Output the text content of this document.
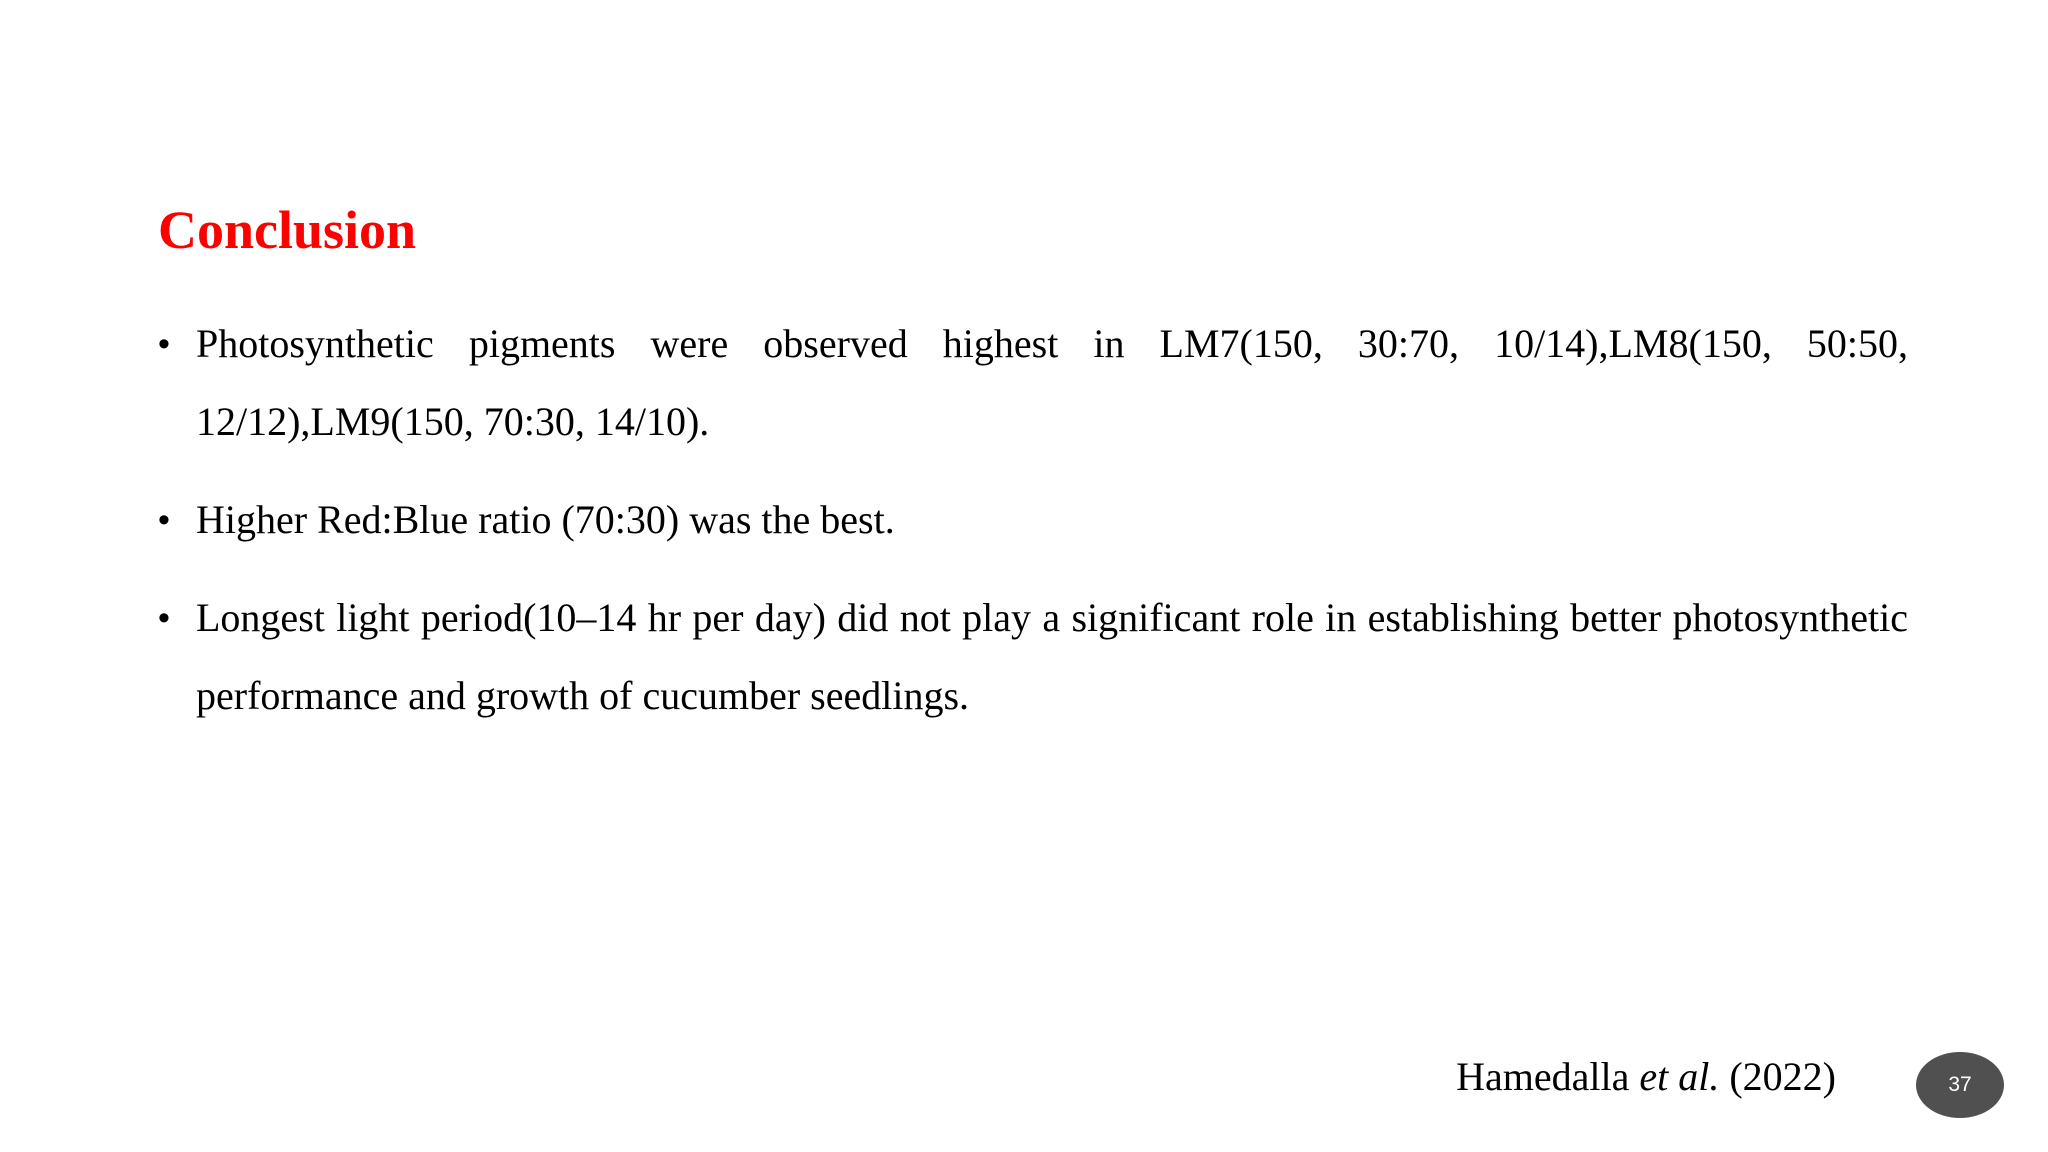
Conclusion
• Photosynthetic pigments were observed highest in LM7(150, 30:70, 10/14),LM8(150, 50:50, 12/12),LM9(150, 70:30, 14/10).
• Higher Red:Blue ratio (70:30) was the best.
• Longest light period(10–14 hr per day) did not play a significant role in establishing better photosynthetic performance and growth of cucumber seedlings.
Hamedalla et al. (2022)	37
